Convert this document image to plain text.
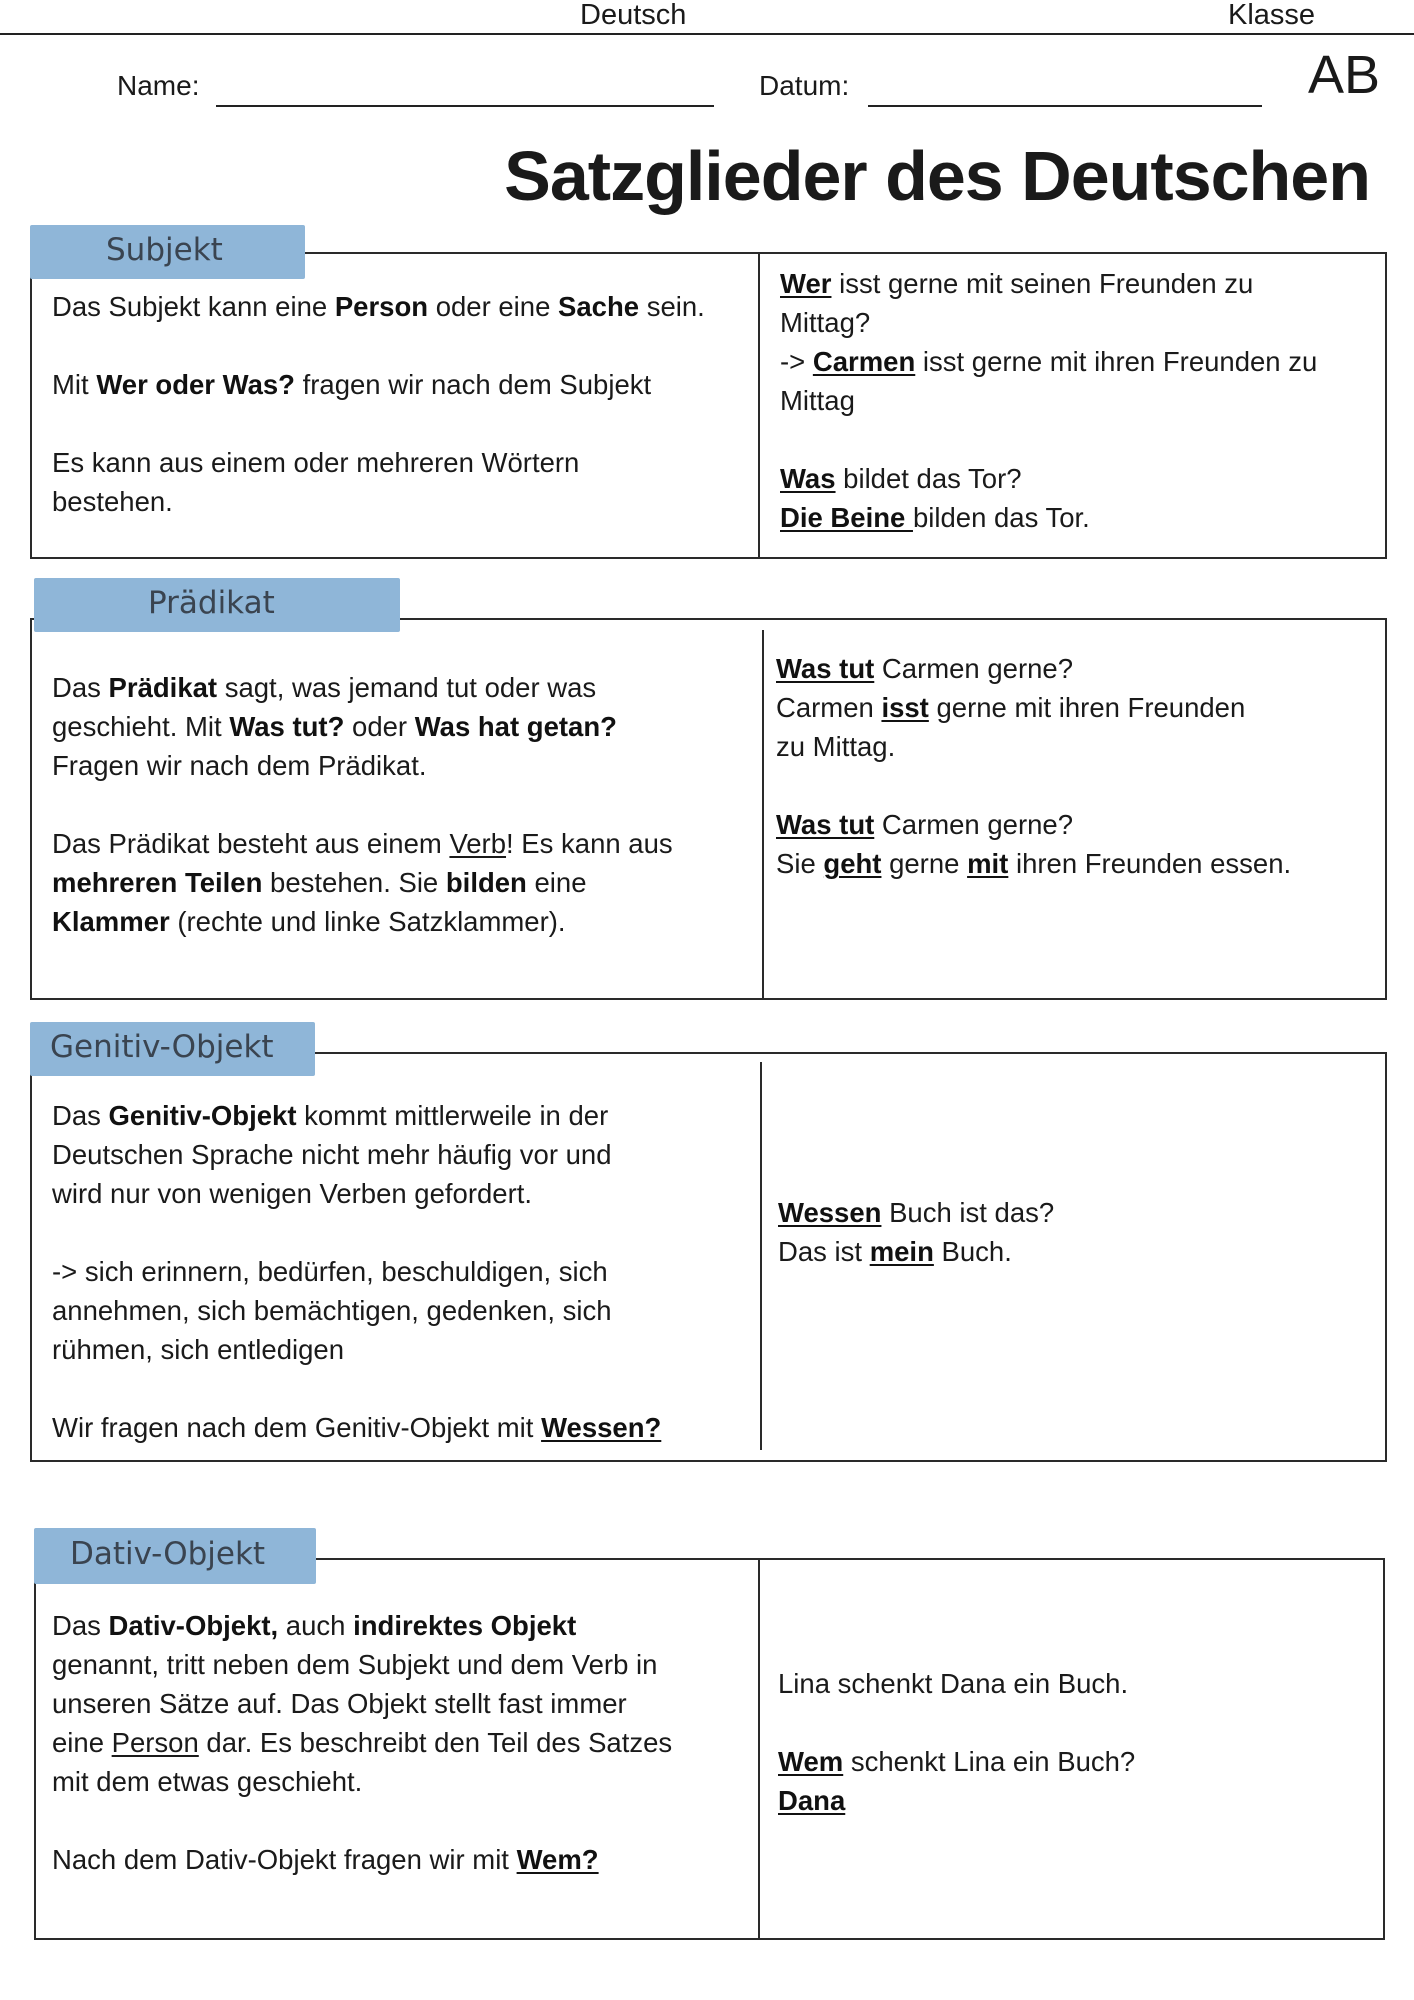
Deutsch	Klasse
Name:	Datum:	AB
Satzglieder des Deutschen
Subjekt

Das Subjekt kann eine Person oder eine Sache sein.

Mit Wer oder Was? fragen wir nach dem Subjekt

Es kann aus einem oder mehreren Wörtern

bestehen.

Wer isst gerne mit seinen Freunden zu

Mittag?

-> Carmen isst gerne mit ihren Freunden zu

Mittag

Was bildet das Tor?

Die Beine bilden das Tor.

Prädikat

Das Prädikat sagt, was jemand tut oder was

geschieht. Mit Was tut? oder Was hat getan?

Fragen wir nach dem Prädikat.

Das Prädikat besteht aus einem Verb! Es kann aus

mehreren Teilen bestehen. Sie bilden eine

Klammer (rechte und linke Satzklammer).

Was tut Carmen gerne?

Carmen isst gerne mit ihren Freunden

zu Mittag.

Was tut Carmen gerne?

Sie geht gerne mit ihren Freunden essen.

Genitiv-Objekt

Das Genitiv-Objekt kommt mittlerweile in der

Deutschen Sprache nicht mehr häufig vor und

wird nur von wenigen Verben gefordert.

-> sich erinnern, bedürfen, beschuldigen, sich

annehmen, sich bemächtigen, gedenken, sich

rühmen, sich entledigen

Wir fragen nach dem Genitiv-Objekt mit Wessen?

Wessen Buch ist das?

Das ist mein Buch.

Dativ-Objekt

Das Dativ-Objekt, auch indirektes Objekt

genannt, tritt neben dem Subjekt und dem Verb in

unseren Sätze auf. Das Objekt stellt fast immer

eine Person dar. Es beschreibt den Teil des Satzes

mit dem etwas geschieht.

Nach dem Dativ-Objekt fragen wir mit Wem?

Lina schenkt Dana ein Buch.

Wem schenkt Lina ein Buch?

Dana
